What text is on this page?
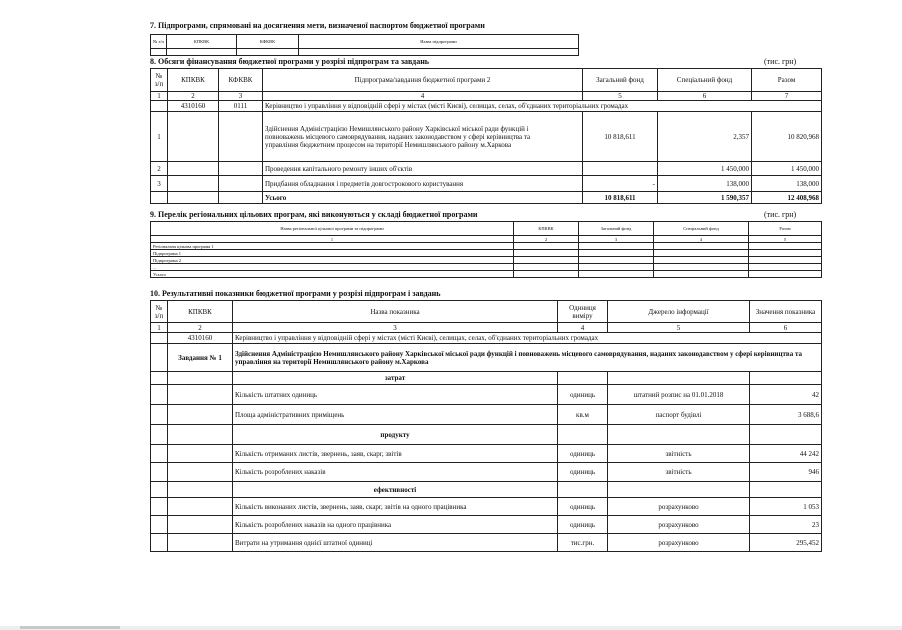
7. Підпрограми, спрямовані на досягнення мети, визначеної паспортом бюджетної програми
№ з/п	КПКВК	КФКВК	Назва підпрограми

8. Обсяги фінансування бюджетної програми у розрізі підпрограм та завдань	(тис. грн)
№ з/п	КПКВК	КФКВК	Підпрограма/завдання бюджетної програми 2	Загальний фонд	Спеціальний фонд	Разом
1	2	3	4	5	6	7
	4310160	0111	Керівництво і управління у відповідній сфері у містах (місті Києві), селищах, селах, об'єднаних територіальних громадах			
1			Здійснення Адміністрацією Немишлянського району Харківської міської ради функцій і повноважень місцевого самоврядування, наданих законодавством у сфері керівництва та управління бюджетним процесом на території Немишлянського району м.Харкова	10 818,611	2,357	10 820,968
2			Проведення капітального ремонту інших об'єктів		1 450,000	1 450,000
3			Придбання обладнання і предметів довгострокового користування	-	138,000	138,000
			Усього	10 818,611	1 590,357	12 408,968
9. Перелік регіональних цільових програм, які виконуються у складі бюджетної програми	(тис. грн)
Назва регіональної цільової програми та підпрограми	КПКВК	Загальний фонд	Спеціальний фонд	Разом
1	2	3	4	5
Регіональна цільова програма 1				
Підпрограма 1				
Підпрограма 2				
...				
Усього				
10. Результативні показники бюджетної програми у розрізі підпрограм і завдань
№ з/п	КПКВК	Назва показника	Одиниця виміру	Джерело інформації	Значення показника
1	2	3	4	5	6
	4310160	Керівництво і управління у відповідній сфері у містах (місті Києві), селищах, селах, об'єднаних територіальних громадах			
	Завдання № 1	Здійснення Адміністрацією Немишлянського району Харківської міської ради функцій і повноважень місцевого самоврядування, наданих законодавством у сфері керівництва та управління на території Немишлянського району м.Харкова			
		затрат			
		Кількість штатних одиниць	одиниць	штатний розпис на 01.01.2018	42
		Площа адміністративних приміщень	кв.м	паспорт будівлі	3 688,6
		продукту			
		Кількість отриманих листів, звернень, заяв, скарг, звітів	одиниць	звітність	44 242
		Кількість розроблених наказів	одиниць	звітність	946
		ефективності			
		Кількість виконаних листів, звернень, заяв, скарг, звітів на одного працівника	одиниць	розрахунково	1 053
		Кількість розроблених наказів на одного працівника	одиниць	розрахунково	23
		Витрати на утримання однієї штатної одиниці	тис.грн.	розрахунково	295,452
